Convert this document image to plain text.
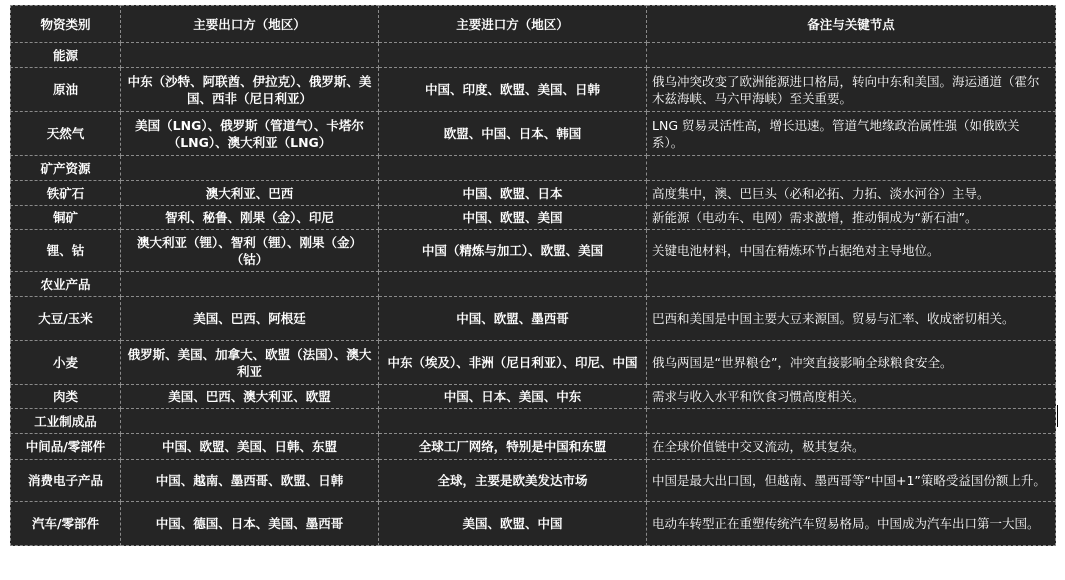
物资类别	主要出口方（地区）	主要进口方（地区）	备注与关键节点
能源			
原油	中东（沙特、阿联酋、伊拉克）、俄罗斯、美国、西非（尼日利亚）	中国、印度、欧盟、美国、日韩	俄乌冲突改变了欧洲能源进口格局，转向中东和美国。海运通道（霍尔木兹海峡、马六甲海峡）至关重要。
天然气	美国（LNG）、俄罗斯（管道气）、卡塔尔（LNG）、澳大利亚（LNG）	欧盟、中国、日本、韩国	LNG 贸易灵活性高，增长迅速。管道气地缘政治属性强（如俄欧关系）。
矿产资源			
铁矿石	澳大利亚、巴西	中国、欧盟、日本	高度集中，澳、巴巨头（必和必拓、力拓、淡水河谷）主导。
铜矿	智利、秘鲁、刚果（金）、印尼	中国、欧盟、美国	新能源（电动车、电网）需求激增，推动铜成为“新石油”。
锂、钴	澳大利亚（锂）、智利（锂）、刚果（金）（钴）	中国（精炼与加工）、欧盟、美国	关键电池材料，中国在精炼环节占据绝对主导地位。
农业产品			
大豆/玉米	美国、巴西、阿根廷	中国、欧盟、墨西哥	巴西和美国是中国主要大豆来源国。贸易与汇率、收成密切相关。
小麦	俄罗斯、美国、加拿大、欧盟（法国）、澳大利亚	中东（埃及）、非洲（尼日利亚）、印尼、中国	俄乌两国是“世界粮仓”，冲突直接影响全球粮食安全。
肉类	美国、巴西、澳大利亚、欧盟	中国、日本、美国、中东	需求与收入水平和饮食习惯高度相关。
工业制成品			
中间品/零部件	中国、欧盟、美国、日韩、东盟	全球工厂网络，特别是中国和东盟	在全球价值链中交叉流动，极其复杂。
消费电子产品	中国、越南、墨西哥、欧盟、日韩	全球，主要是欧美发达市场	中国是最大出口国，但越南、墨西哥等“中国+1”策略受益国份额上升。
汽车/零部件	中国、德国、日本、美国、墨西哥	美国、欧盟、中国	电动车转型正在重塑传统汽车贸易格局。中国成为汽车出口第一大国。
